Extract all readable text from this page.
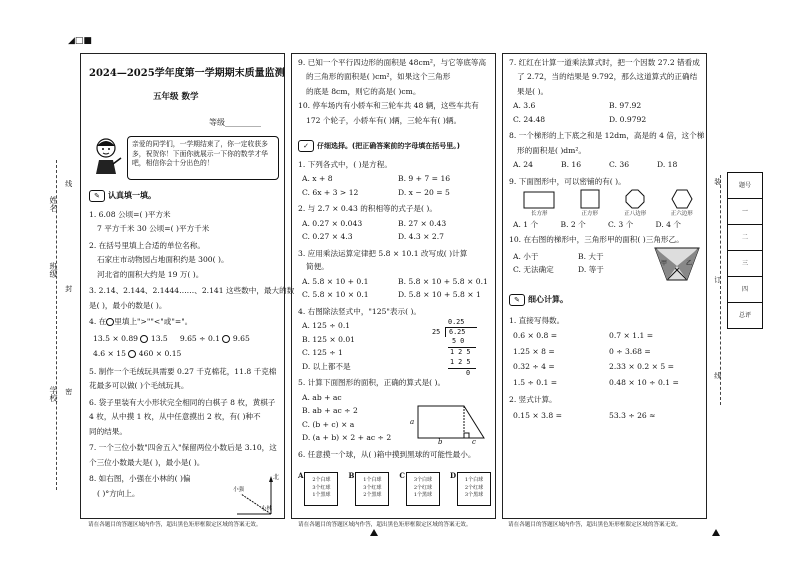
◢□■
姓名
班级
学校
线
封
密
2024—2025学年度第一学期期末质量监测
五年级 数学
等级_________
亲爱的同学们，一学期结束了，你一定收获多多，祝贺你！下面你就展示一下你的数学才华吧，相信你会十分出色的！
✎	认真填一填。
1. 6.08 公顷=( )平方米
7 平方千米 30 公顷=( )平方千米
2. 在括号里填上合适的单位名称。
石家庄市动物园占地面积约是 300( )。
河北省的面积大约是 19 万( )。
3. 2.14̇、2.144、2.1444……、2.141 这些数中，最大的数
是( )，最小的数是( )。
4. 在 里填上">""<"或"="。
13.5 × 0.89 13.5 9.65 ÷ 0.1 9.65
4.6 × 15 460 × 0.15
5. 制作一个毛绒玩具需要 0.27 千克棉花，11.8 千克棉
花最多可以做( )个毛绒玩具。
6. 袋子里装有大小形状完全相同的白棋子 8 枚，黄棋子
4 枚，从中摸 1 枚，从中任意摸出 2 枚，有( )种不
同的结果。
7. 一个三位小数"四舍五入"保留两位小数后是 3.10，这
个三位小数最大是( )，最小是( )。
8. 如右图，小强在小林的( )偏
( )°方向上。
北
小林
小强
9. 已知一个平行四边形的面积是 48cm²，与它等底等高
的三角形的面积是( )cm²，如果这个三角形
的底是 8cm，则它的高是( )cm。
10. 停车场内有小轿车和三轮车共 48 辆，这些车共有
172 个轮子，小轿车有( )辆，三轮车有( )辆。
✓	仔细选择。(把正确答案前的字母填在括号里。)
1. 下列各式中，( )是方程。
A. x + 8	B. 9 + 7 = 16
C. 6x + 3 > 12	D. x − 20 = 5
2. 与 2.7 × 0.43 的积相等的式子是( )。
A. 0.27 × 0.043	B. 27 × 0.43
C. 0.27 × 4.3	D. 4.3 × 2.7
3. 应用乘法运算定律把 5.8 × 10.1 改写成( )计算
简便。
A. 5.8 × 10 + 0.1	B. 5.8 × 10 + 5.8 × 0.1
C. 5.8 × 10 × 0.1	D. 5.8 × 10 + 5.8 × 1
4. 右图除法竖式中，"125"表示( )。
A. 125 ÷ 0.1
B. 125 × 0.01
C. 125 ÷ 1
D. 以上都不是
5. 计算下面图形的面积，正确的算式是( )。
A. ab + ac
B. ab + ac ÷ 2
C. (b + c) × a
D. (a + b) × 2 + ac ÷ 2
6. 任意摸一个球，从( )箱中摸到黑球的可能性最小。
0.25
25	6.25
5 0
1 2 5
1 2 5
0
a
b	c
A	2个白球
3个红球
1个黑球
B	1个白球
3个红球
2个黑球
C	3个白球
2个红球
1个黑球
D	1个白球
2个红球
3个黑球
7. 红红在计算一道乘法算式时，把一个因数 27.2 错看成
了 2.72，当的结果是 9.792，那么这道算式的正确结
果是( )。
A. 3.6	B. 97.92
C. 24.48	D. 0.9792
8. 一个梯形的上下底之和是 12dm，高是的 4 倍，这个梯
形的面积是( )dm²。
A. 24	B. 16	C. 36	D. 18
9. 下面图形中，可以密铺的有( )。
长方形	正方形	正八边形	正六边形
A. 1 个	B. 2 个	C. 3 个	D. 4 个
10. 在右图的梯形中，三角形甲的面积( )三角形乙。
A. 小于	B. 大于
C. 无法确定	D. 等于
甲	乙
✎	细心计算。
1. 直接写得数。
0.6 × 0.8 =	0.7 × 1.1 =
1.25 × 8 =	0 ÷ 3.68 =
0.32 ÷ 4 =	2.33 × 0.2 × 5 =
1.5 ÷ 0.1 =	0.48 × 10 ÷ 0.1 =
2. 竖式计算。
0.15 × 3.8 =	53.3 ÷ 26 ≈
装
订
线
题号
一
二
三
四
总评
请在各题目的答题区域内作答，超出黑色矩形框限定区域的答案无效。	请在各题目的答题区域内作答，超出黑色矩形框限定区域的答案无效。	请在各题目的答题区域内作答，超出黑色矩形框限定区域的答案无效。
